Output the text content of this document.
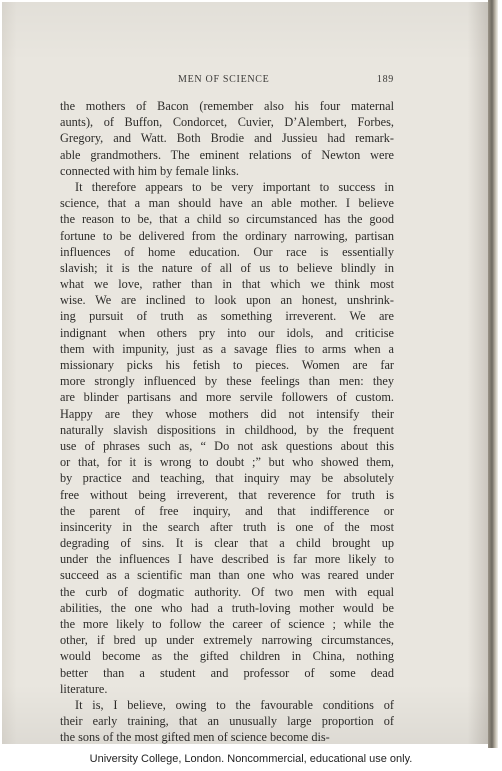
MEN OF SCIENCE	189
the mothers of Bacon (remember also his four maternal
aunts), of Buffon, Condorcet, Cuvier, D’Alembert, Forbes,
Gregory, and Watt. Both Brodie and Jussieu had remark-
able grandmothers. The eminent relations of Newton were
connected with him by female links.
It therefore appears to be very important to success in
science, that a man should have an able mother. I believe
the reason to be, that a child so circumstanced has the good
fortune to be delivered from the ordinary narrowing, partisan
influences of home education. Our race is essentially
slavish; it is the nature of all of us to believe blindly in
what we love, rather than in that which we think most
wise. We are inclined to look upon an honest, unshrink-
ing pursuit of truth as something irreverent. We are
indignant when others pry into our idols, and criticise
them with impunity, just as a savage flies to arms when a
missionary picks his fetish to pieces. Women are far
more strongly influenced by these feelings than men: they
are blinder partisans and more servile followers of custom.
Happy are they whose mothers did not intensify their
naturally slavish dispositions in childhood, by the frequent
use of phrases such as, “ Do not ask questions about this
or that, for it is wrong to doubt ;” but who showed them,
by practice and teaching, that inquiry may be absolutely
free without being irreverent, that reverence for truth is
the parent of free inquiry, and that indifference or
insincerity in the search after truth is one of the most
degrading of sins. It is clear that a child brought up
under the influences I have described is far more likely to
succeed as a scientific man than one who was reared under
the curb of dogmatic authority. Of two men with equal
abilities, the one who had a truth-loving mother would be
the more likely to follow the career of science ; while the
other, if bred up under extremely narrowing circumstances,
would become as the gifted children in China, nothing
better than a student and professor of some dead
literature.
It is, I believe, owing to the favourable conditions of
their early training, that an unusually large proportion of
the sons of the most gifted men of science become dis-
University College, London. Noncommercial, educational use only.
